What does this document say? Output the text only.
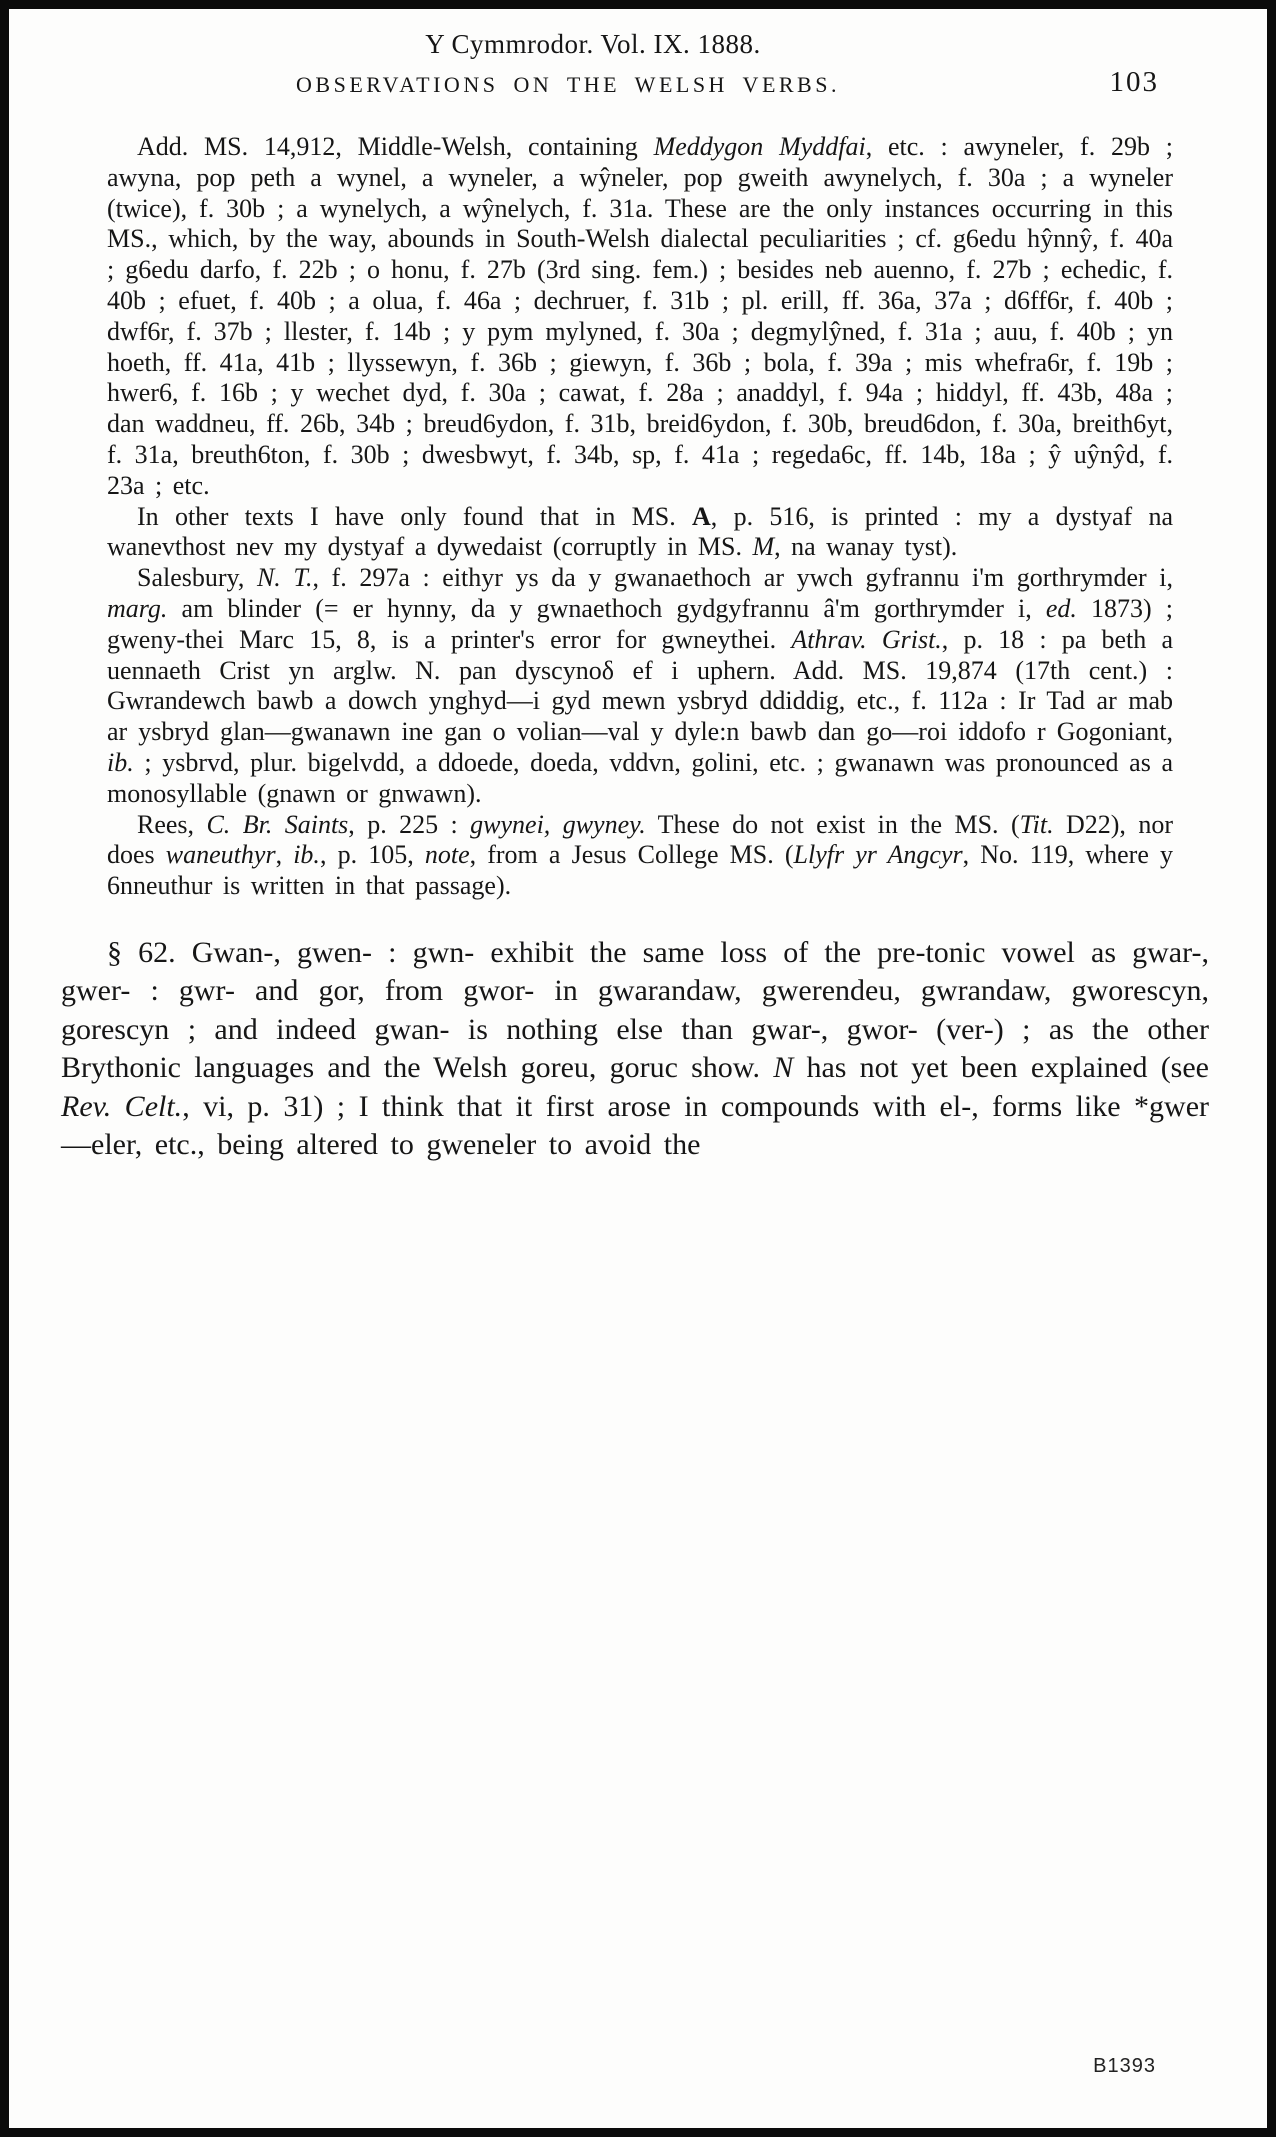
Y Cymmrodor. Vol. IX. 1888.
OBSERVATIONS ON THE WELSH VERBS.	103

Add. MS. 14,912, Middle-Welsh, containing Meddygon Myddfai, etc. : awyneler, f. 29b ; awyna, pop peth a wynel, a wyneler, a wŷneler, pop gweith awynelych, f. 30a ; a wyneler (twice), f. 30b ; a wynelych, a wŷnelych, f. 31a. These are the only instances occurring in this MS., which, by the way, abounds in South-Welsh dialectal peculiarities ; cf. g6edu hŷnnŷ, f. 40a ; g6edu darfo, f. 22b ; o honu, f. 27b (3rd sing. fem.) ; besides neb auenno, f. 27b ; echedic, f. 40b ; efuet, f. 40b ; a olua, f. 46a ; dechruer, f. 31b ; pl. erill, ff. 36a, 37a ; d6ff6r, f. 40b ; dwf6r, f. 37b ; llester, f. 14b ; y pym mylyned, f. 30a ; degmylŷned, f. 31a ; auu, f. 40b ; yn hoeth, ff. 41a, 41b ; llyssewyn, f. 36b ; giewyn, f. 36b ; bola, f. 39a ; mis whefra6r, f. 19b ; hwer6, f. 16b ; y wechet dyd, f. 30a ; cawat, f. 28a ; anaddyl, f. 94a ; hiddyl, ff. 43b, 48a ; dan waddneu, ff. 26b, 34b ; breud6ydon, f. 31b, breid6ydon, f. 30b, breud6don, f. 30a, breith6yt, f. 31a, breuth6ton, f. 30b ; dwesbwyt, f. 34b, sp, f. 41a ; regeda6c, ff. 14b, 18a ; ŷ uŷnŷd, f. 23a ; etc.

In other texts I have only found that in MS. A, p. 516, is printed : my a dystyaf na wanevthost nev my dystyaf a dywedaist (corruptly in MS. M, na wanay tyst).

Salesbury, N. T., f. 297a : eithyr ys da y gwanaethoch ar ywch gyfrannu i'm gorthrymder i, marg. am blinder (= er hynny, da y gwnaethoch gydgyfrannu â'm gorthrymder i, ed. 1873) ; gweny-thei Marc 15, 8, is a printer's error for gwneythei. Athrav. Grist., p. 18 : pa beth a uennaeth Crist yn arglw. N. pan dyscynoδ ef i uphern. Add. MS. 19,874 (17th cent.) : Gwrandewch bawb a dowch ynghyd—i gyd mewn ysbryd ddiddig, etc., f. 112a : Ir Tad ar mab ar ysbryd glan—gwanawn ine gan o volian—val y dyle:n bawb dan go—roi iddofo r Gogoniant, ib. ; ysbrvd, plur. bigelvdd, a ddoede, doeda, vddvn, golini, etc. ; gwanawn was pronounced as a monosyllable (gnawn or gnwawn).

Rees, C. Br. Saints, p. 225 : gwynei, gwyney. These do not exist in the MS. (Tit. D22), nor does waneuthyr, ib., p. 105, note, from a Jesus College MS. (Llyfr yr Angcyr, No. 119, where y 6nneuthur is written in that passage).

§ 62. Gwan-, gwen- : gwn- exhibit the same loss of the pre-tonic vowel as gwar-, gwer- : gwr- and gor, from gwor- in gwarandaw, gwerendeu, gwrandaw, gworescyn, gorescyn ; and indeed gwan- is nothing else than gwar-, gwor- (ver-) ; as the other Brythonic languages and the Welsh goreu, goruc show. N has not yet been explained (see Rev. Celt., vi, p. 31) ; I think that it first arose in compounds with el-, forms like *gwer—eler, etc., being altered to gweneler to avoid the

B1393
